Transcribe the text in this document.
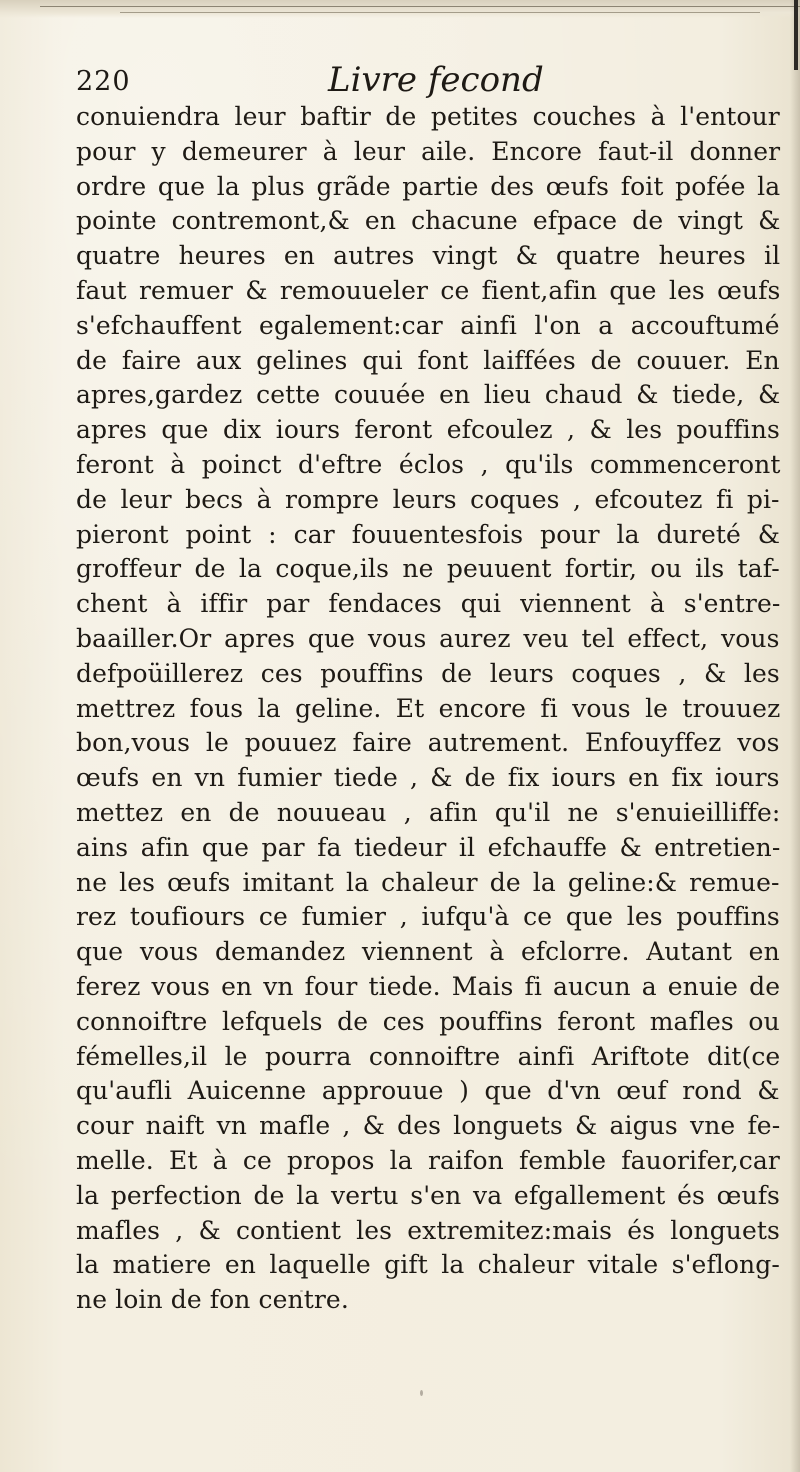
220	Livre fecond
conuiendra leur baftir de petites couches à l'entour
pour y demeurer à leur aile. Encore faut-il donner
ordre que la plus grãde partie des œufs foit pofée la
pointe contremont,& en chacune efpace de vingt &
quatre heures en autres vingt & quatre heures il
faut remuer & remouueler ce fient,afin que les œufs
s'efchauffent egalement:car ainfi l'on a accouftumé
de faire aux gelines qui font laiffées de couuer. En
apres,gardez cette couuée en lieu chaud & tiede, &
apres que dix iours feront efcoulez , & les pouffins
feront à poinct d'eftre éclos , qu'ils commenceront
de leur becs à rompre leurs coques , efcoutez fi pi-
pieront point : car fouuentesfois pour la dureté &
groffeur de la coque,ils ne peuuent fortir, ou ils taf-
chent à iffir par fendaces qui viennent à s'entre-
baailler.Or apres que vous aurez veu tel effect, vous
defpoüillerez ces pouffins de leurs coques , & les
mettrez fous la geline. Et encore fi vous le trouuez
bon,vous le pouuez faire autrement. Enfouyffez vos
œufs en vn fumier tiede , & de fix iours en fix iours
mettez en de nouueau , afin qu'il ne s'enuieilliffe:
ains afin que par fa tiedeur il efchauffe & entretien-
ne les œufs imitant la chaleur de la geline:& remue-
rez toufiours ce fumier , iufqu'à ce que les pouffins
que vous demandez viennent à efclorre. Autant en
ferez vous en vn four tiede. Mais fi aucun a enuie de
connoiftre lefquels de ces pouffins feront mafles ou
fémelles,il le pourra connoiftre ainfi Ariftote dit(ce
qu'aufli Auicenne approuue ) que d'vn œuf rond &
cour naift vn mafle , & des longuets & aigus vne fe-
melle. Et à ce propos la raifon femble fauorifer,car
la perfection de la vertu s'en va efgallement és œufs
mafles , & contient les extremitez:mais és longuets
la matiere en laquelle gift la chaleur vitale s'eflong-
ne loin de fon centre.
